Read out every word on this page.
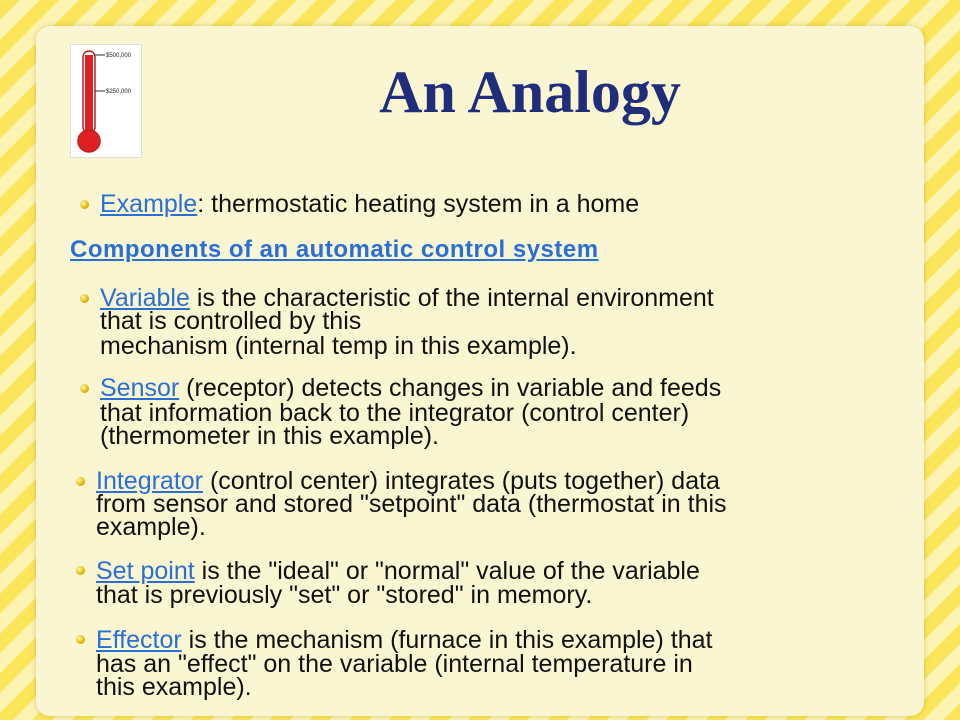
$500,000
$250,000	An Analogy
Example: thermostatic heating system in a home
Components of an automatic control system
Variable is the characteristic of the internal environment
that is controlled by this
mechanism (internal temp in this example).
Sensor (receptor) detects changes in variable and feeds
that information back to the integrator (control center)
(thermometer in this example).
Integrator (control center) integrates (puts together) data
from sensor and stored "setpoint" data (thermostat in this
example).
Set point is the "ideal" or "normal" value of the variable
that is previously "set" or "stored" in memory.
Effector is the mechanism (furnace in this example) that
has an "effect" on the variable (internal temperature in
this example).
